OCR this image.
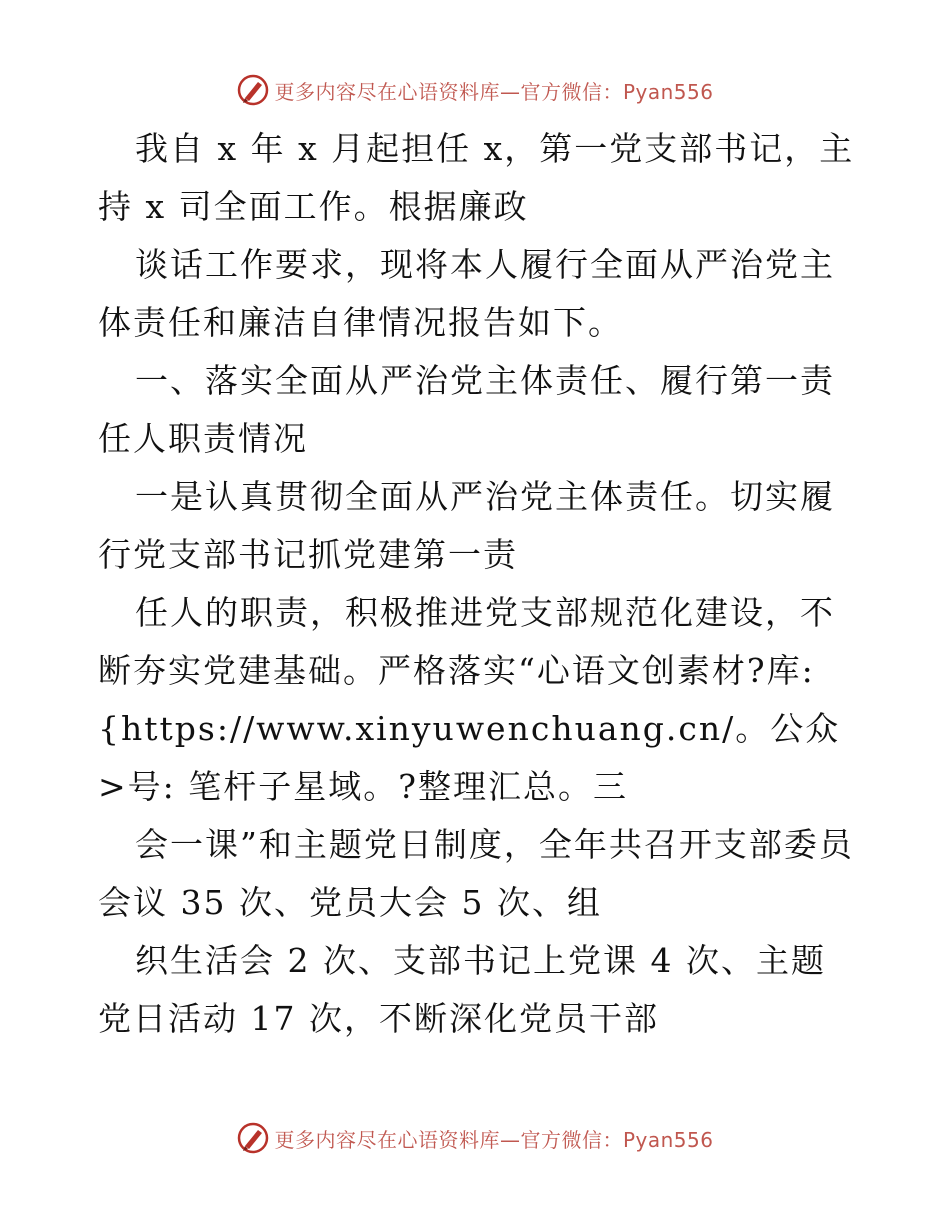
更多内容尽在心语资料库—官方微信：Pyan556

我自 x 年 x 月起担任 x，第一党支部书记，主持 x 司全面工作。根据廉政

谈话工作要求，现将本人履行全面从严治党主体责任和廉洁自律情况报告如下。

一、落实全面从严治党主体责任、履行第一责任人职责情况

一是认真贯彻全面从严治党主体责任。切实履行党支部书记抓党建第一责

任人的职责，积极推进党支部规范化建设，不断夯实党建基础。严格落实“心语文创素材?库:{https://www.xinyuwenchuang.cn/。公众>号: 笔杆子星域。?整理汇总。三

会一课”和主题党日制度，全年共召开支部委员会议 35 次、党员大会 5 次、组

织生活会 2 次、支部书记上党课 4 次、主题党日活动 17 次，不断深化党员干部

更多内容尽在心语资料库—官方微信：Pyan556
